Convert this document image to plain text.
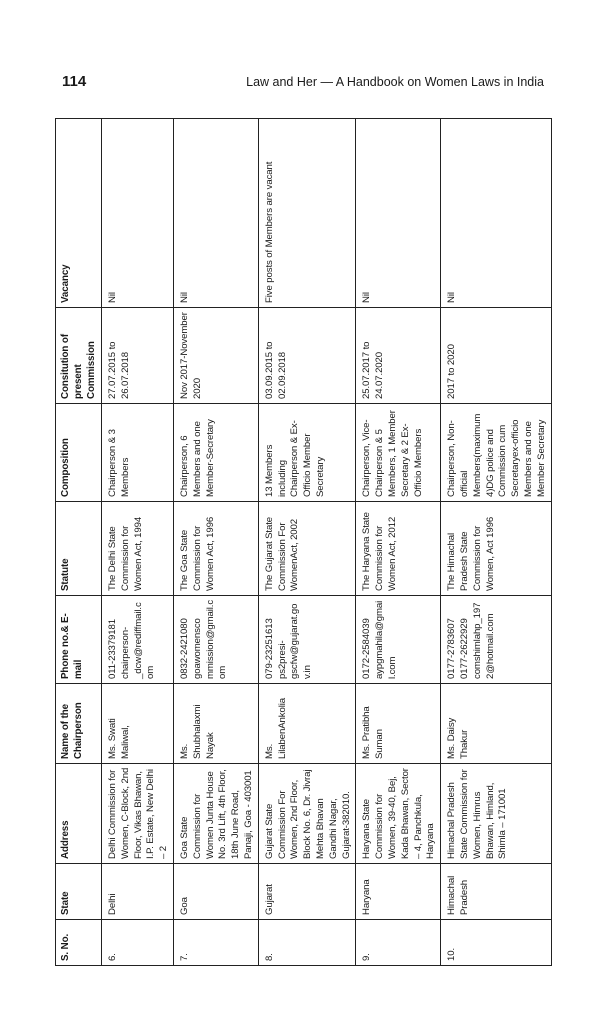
114	Law and Her — A Handbook on Women Laws in India
S. No.	State	Address	Name of the Chairperson	Phone no.& E-mail	Statute	Composition	Consitution of present Commission	Vacancy
6.	Delhi	Delhi Commission for Women, C-Block, 2nd Floor, Vikas Bhawan, I.P. Estate, New Delhi – 2	Ms. Swati Maliwal,	011-23379181 chairperson-_dcw@rediffmail.com	The Delhi State Commission for Women Act, 1994	Chairperson & 3 Members	27.07.2015 to 26.07.2018	Nil
7.	Goa	Goa State Commission for Women Junta House No. 3rd Lift, 4th Floor, 18th June Road, Panaji, Goa - 403001	Ms. Shubhalaxmi Nayak	0832-2421080 goawomensco mmission@gmail.com	The Goa State Commission for Women Act, 1996	Chairperson, 6 Members and one Member-Secretary	Nov 2017-November 2020	Nil
8.	Gujarat	Gujarat State Commission For Women, 2nd Floor, Block No. 6, Dr. Jivraj Mehta Bhavan Gandhi Nagar, Gujarat-382010.	Ms. LilabenAnkolia	079-23251613 ps2presi-gscfw@gujarat.gov.in	The Gujarat State Commission For WomenAct, 2002	13 Members including Chairperson & Ex-Officio Member Secretary	03.09.2015 to 02.09.2018	Five posts of Members are vacant
9.	Haryana	Haryana State Commission for Women, 39-40, Bej, Kada Bhawan, Sector – 4, Panchkula, Haryana	Ms. Pratibha Suman	0172-2584039 aypgmahila@gmail.com	The Haryana State Commission for Women Act, 2012	Chairperson, Vice-Chairperson & 5 Members, 1 Member Secretary & 2 Ex-Officio Members	25.07.2017 to 24.07.2020	Nil
10.	Himachal Pradesh	Himachal Pradesh State Commission for Women, Himrus Bhawan, Himland, Shimla – 171001	Ms. Daisy Thakur	0177-2783607 0177-2622929 comshimlahp_1972@hotmail.com	The Himachal Pradesh State Commission for Women, Act 1996	Chairperson, Non-official Members(maximum 4)DG police and Commission cum Secretaryex-officio Members and one Member Secretary	2017 to 2020	Nil
